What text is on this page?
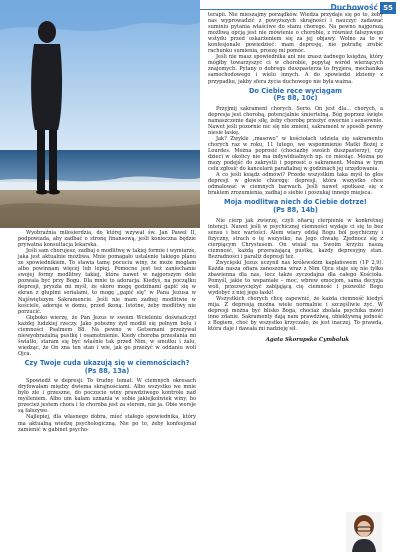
Duchowość 55

Wyobraźnia miłosierdzia, do której wzywał św. Jan Paweł II, podpowiada, aby zadbać o stronę finansową, jeśli konieczna będzie prywatna konsultacja lekarska.

Jeśli sam chorujesz, zadbaj o modlitwę w takiej formie i wymiarze, jaka jest aktualnie możliwa. Mnie pomagało ustalenie takiego planu ze spowiednikiem. To stawia tamę pocuciu winy, że może mogłam albo powinnam więcej lub lepiej. Pomocne jest też zaniechanie swojej formy modlitwy takiej, która nawet w najgorszym dole pozwala być przy Bogu. Dla mnie to adoracja. Kiedyś, na początku depresji, pryszła mi myśl, że skoro mogę godzinami gapić się w ekran z głupimi serialami, to mogę „gapić się” w Pana Jezusa w Najświętszym Sakramencie. Jeśli nie mam zadnej modlitwie w kościele, adoruje w domu, przed ikoną. Istotne, żeby modlitwy nie porzucić.

Głęboko wierzę, że Pan Jezus w swoim Wcieleniu doświadczył każdej ludzkiej rzeczy. Jako pobożny żyd modlił się pełnym bolu i ciemności Psalmem 88. Na pewno w Getsemani przeżywał niewyobrażalną pustkę i osamotnienie. Kiedy choroba przesłania mi światło, staram się być właśnie tak przed Nim, w smutku i żalu, wiedząc, że On zna ten stan i wie, jak go przeżyć w oddaniu woli Ojca.

Czy Twoje cuda ukazują się w ciemnościach?
(Ps 88, 13a)

Spowiedź w depresji. To trudny temat. W ciemnych okresach dryfowałam między dwiema skrajnościami. Albo wszystko we mnie było złe i grzeszne, do poczucie winy prawdziwego kontrole nad myśleniem. Albo um kałam uznania w sobie jakiejkolwiek winy, bo przecież jestem chora i to choroba jest za sterem, nie ja. Obie wersje są fałszywe.

Najlepiej, dla własnego dobra, mieć stałego spowiednika, który ma aktualną wiedzę psychologiczną. Nie po to, żeby konfesjonał zamienić w gabinet psycho-

terapii. Nie mieszajmy porządków. Wiedza przydaje się po to, żeby nas wyprowadzić z powyższych skrajności i nauczyć zadawać suminiu pytania właściwe do stanu chorego. Na pewno najgorszą możliwą opcją jest nie mówienie o chorobie, z również fałszywego wstydu przed oskarżeniem się za jej objawy. Wolno za to w konfesjonale powiedzieć: mam depresję, nie potrafię zrobić rachunku sumienia, proszę mi pomóc.

Jeśli nie masz spowiednika ani nie znasz żadnego księdza, który mógłby towarzyszyć ci w chorobie, popytaj wśród wierzących znajomych. Pytany o dobrego duszpasterza to fryzjera, mechanika samochodowego i wielu innych. A do spowiedzi idziemy z przypadku, jakby sfera życia duchowego nie była ważna.

Do Ciebie ręce wyciągam
(Ps 88, 10c)

Przyjmij sakrament chorych. Serio. On jest dla... chorych, a depresja jest chorobą, potencjalnie śmiertelną. Bóg poprzez święte namaszczenie daje siłę, żeby chorobę przeżyć owocnie i sensownie. Nawet jeśli pozornie nic się nie zmieni, sakrament w sposób pewny niesie łaskę.

Jak? Zwykle „masowo” w kościołach udziela się sakramentu chorych raz w roku, 11 lutego, we wspomnienie Matki Bożej z Lourdes. Można poprosić (chociażby swoich duszpasterzy), czy dzieci w okolicy nie ma indywidualnych np. co miesiąc. Można po mszy podejść do zakrystii i poprosić o sakrament. Można w tym celu zgłosić do kancelarii parafialnej w godzinach jej urzędowania.

A co jeśli ksiądz odmówi? Przede wszystkim taka myśl to głos depresji w głowie choregę: depresji, która wszystko chce odmalować w ciemnych barwach. Jeśli nawet spotkasz się z brakiem zrozumienia, zadbaj o siebie i poszukaj innego miejsca.

Moja modlitwa niech do Ciebie dotrze!
(Ps 88, 14b)

Nie cierp jak zwierzę, czyli ofiaruj cierpienie w konkretnej intencji. Nawet jeśli w psychicznej ciemności wydaje ci się to bez sensu i bez wartości. Alem wiary oddaj Bogu ból psychiczny i fizyczny, strach o tę wszystko, na Jego chwałę. Zjednocz się z cierpiącym Chrystusem. On wisiał na Swoim krzyżu naszą ciemność, każdą przerażającą pustkę, każdy depresyjny stan. Bezradności i paraliż depresji też.

Zwycięski Jezus uczynił nas królewskim kapłańswem (1P 2,9). Każda nasza ofiara zanoszona wraz z Nim Ojcu staje się nie tylko zbawienna dla nas, lecz także zyczodajna dla całego Kościoła. Pomyśl, jakie to wspaniałe – moc, wbrew emocjom, sama decyzja woli, przezwyciężyć zabijającą cię ciemność i pozwolić Bogu wydobyć z niej jego łaski!

Wszystkich chorych chcę zapewnić, że każda ciemność kiedyś mija. Z depresją można wiele normalnie i szczęśliwie żyć. W depresji można być blisko Boga, chociaż zbolała psychika mówi inne zdanie. Sakramenty dają nam prawdziwą, obiektywną jedność z Bogiem, choć by wszystko krzyczało, że jest inaczej. To prawda, która daje i dawała mi nadzieję sił.

Agata Skorupska Cymbaluk
